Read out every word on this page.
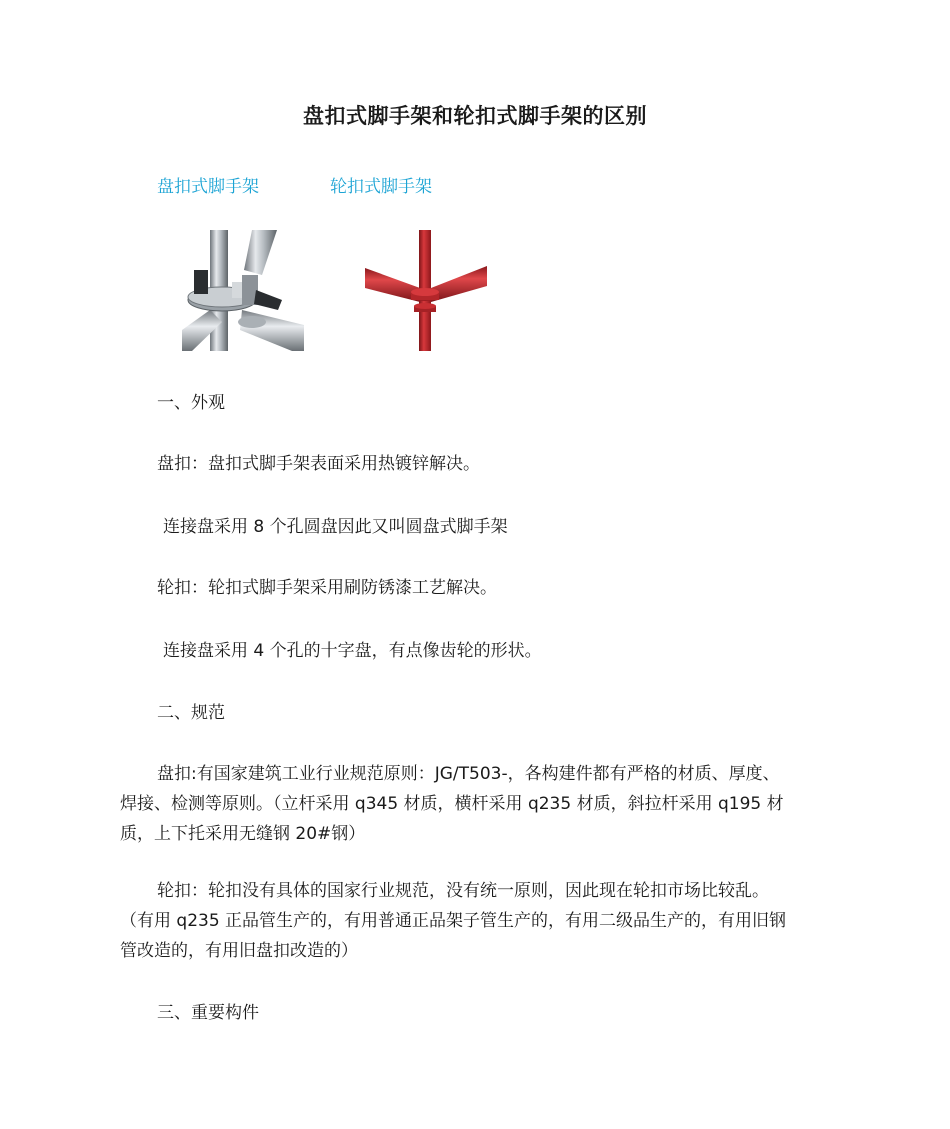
盘扣式脚手架和轮扣式脚手架的区别
盘扣式脚手架	轮扣式脚手架
一、外观
盘扣：盘扣式脚手架表面采用热镀锌解决。
连接盘采用 8 个孔圆盘因此又叫圆盘式脚手架
轮扣：轮扣式脚手架采用刷防锈漆工艺解决。
连接盘采用 4 个孔的十字盘，有点像齿轮的形状。
二、规范
盘扣:有国家建筑工业行业规范原则：JG/T503-，各构建件都有严格的材质、厚度、
焊接、检测等原则。（立杆采用 q345 材质，横杆采用 q235 材质，斜拉杆采用 q195 材
质，上下托采用无缝钢 20#钢）
轮扣：轮扣没有具体的国家行业规范，没有统一原则，因此现在轮扣市场比较乱。
（有用 q235 正品管生产的，有用普通正品架子管生产的，有用二级品生产的，有用旧钢
管改造的，有用旧盘扣改造的）
三、重要构件
